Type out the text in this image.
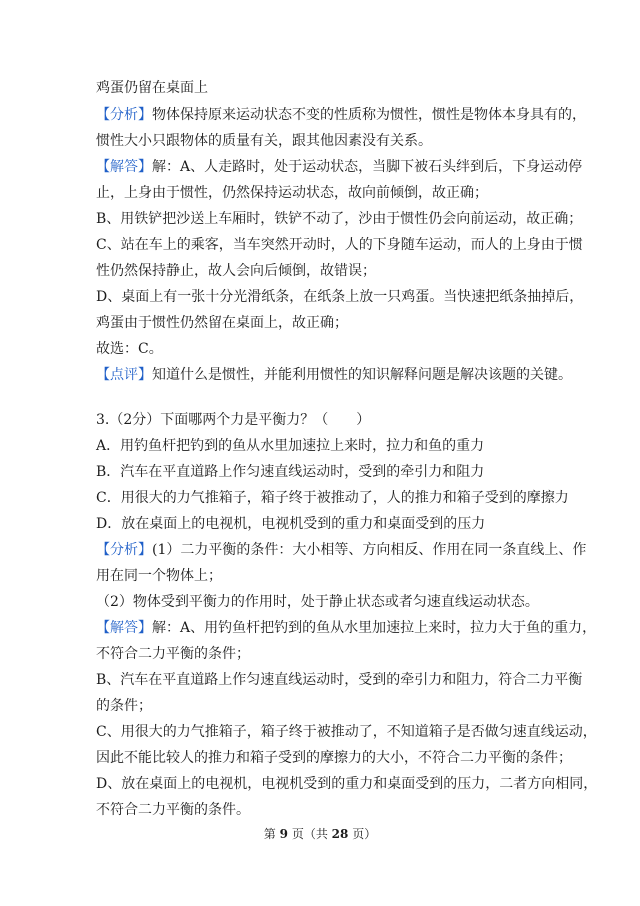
鸡蛋仍留在桌面上
【分析】物体保持原来运动状态不变的性质称为惯性，惯性是物体本身具有的，
惯性大小只跟物体的质量有关，跟其他因素没有关系。
【解答】解：A、人走路时，处于运动状态，当脚下被石头绊到后，下身运动停
止，上身由于惯性，仍然保持运动状态，故向前倾倒，故正确；
B、用铁铲把沙送上车厢时，铁铲不动了，沙由于惯性仍会向前运动，故正确；
C、站在车上的乘客，当车突然开动时，人的下身随车运动，而人的上身由于惯
性仍然保持静止，故人会向后倾倒，故错误；
D、桌面上有一张十分光滑纸条，在纸条上放一只鸡蛋。当快速把纸条抽掉后，
鸡蛋由于惯性仍然留在桌面上，故正确；
故选：C。
【点评】知道什么是惯性，并能利用惯性的知识解释问题是解决该题的关键。
3.（2分）下面哪两个力是平衡力？（　　）
A．用钓鱼杆把钓到的鱼从水里加速拉上来时，拉力和鱼的重力
B．汽车在平直道路上作匀速直线运动时，受到的牵引力和阻力
C．用很大的力气推箱子，箱子终于被推动了，人的推力和箱子受到的摩擦力
D．放在桌面上的电视机，电视机受到的重力和桌面受到的压力
【分析】(1）二力平衡的条件：大小相等、方向相反、作用在同一条直线上、作
用在同一个物体上；
（2）物体受到平衡力的作用时，处于静止状态或者匀速直线运动状态。
【解答】解：A、用钓鱼杆把钓到的鱼从水里加速拉上来时，拉力大于鱼的重力，
不符合二力平衡的条件；
B、汽车在平直道路上作匀速直线运动时，受到的牵引力和阻力，符合二力平衡
的条件；
C、用很大的力气推箱子，箱子终于被推动了，不知道箱子是否做匀速直线运动，
因此不能比较人的推力和箱子受到的摩擦力的大小，不符合二力平衡的条件；
D、放在桌面上的电视机，电视机受到的重力和桌面受到的压力，二者方向相同，
不符合二力平衡的条件。
第 9 页（共 28 页）
